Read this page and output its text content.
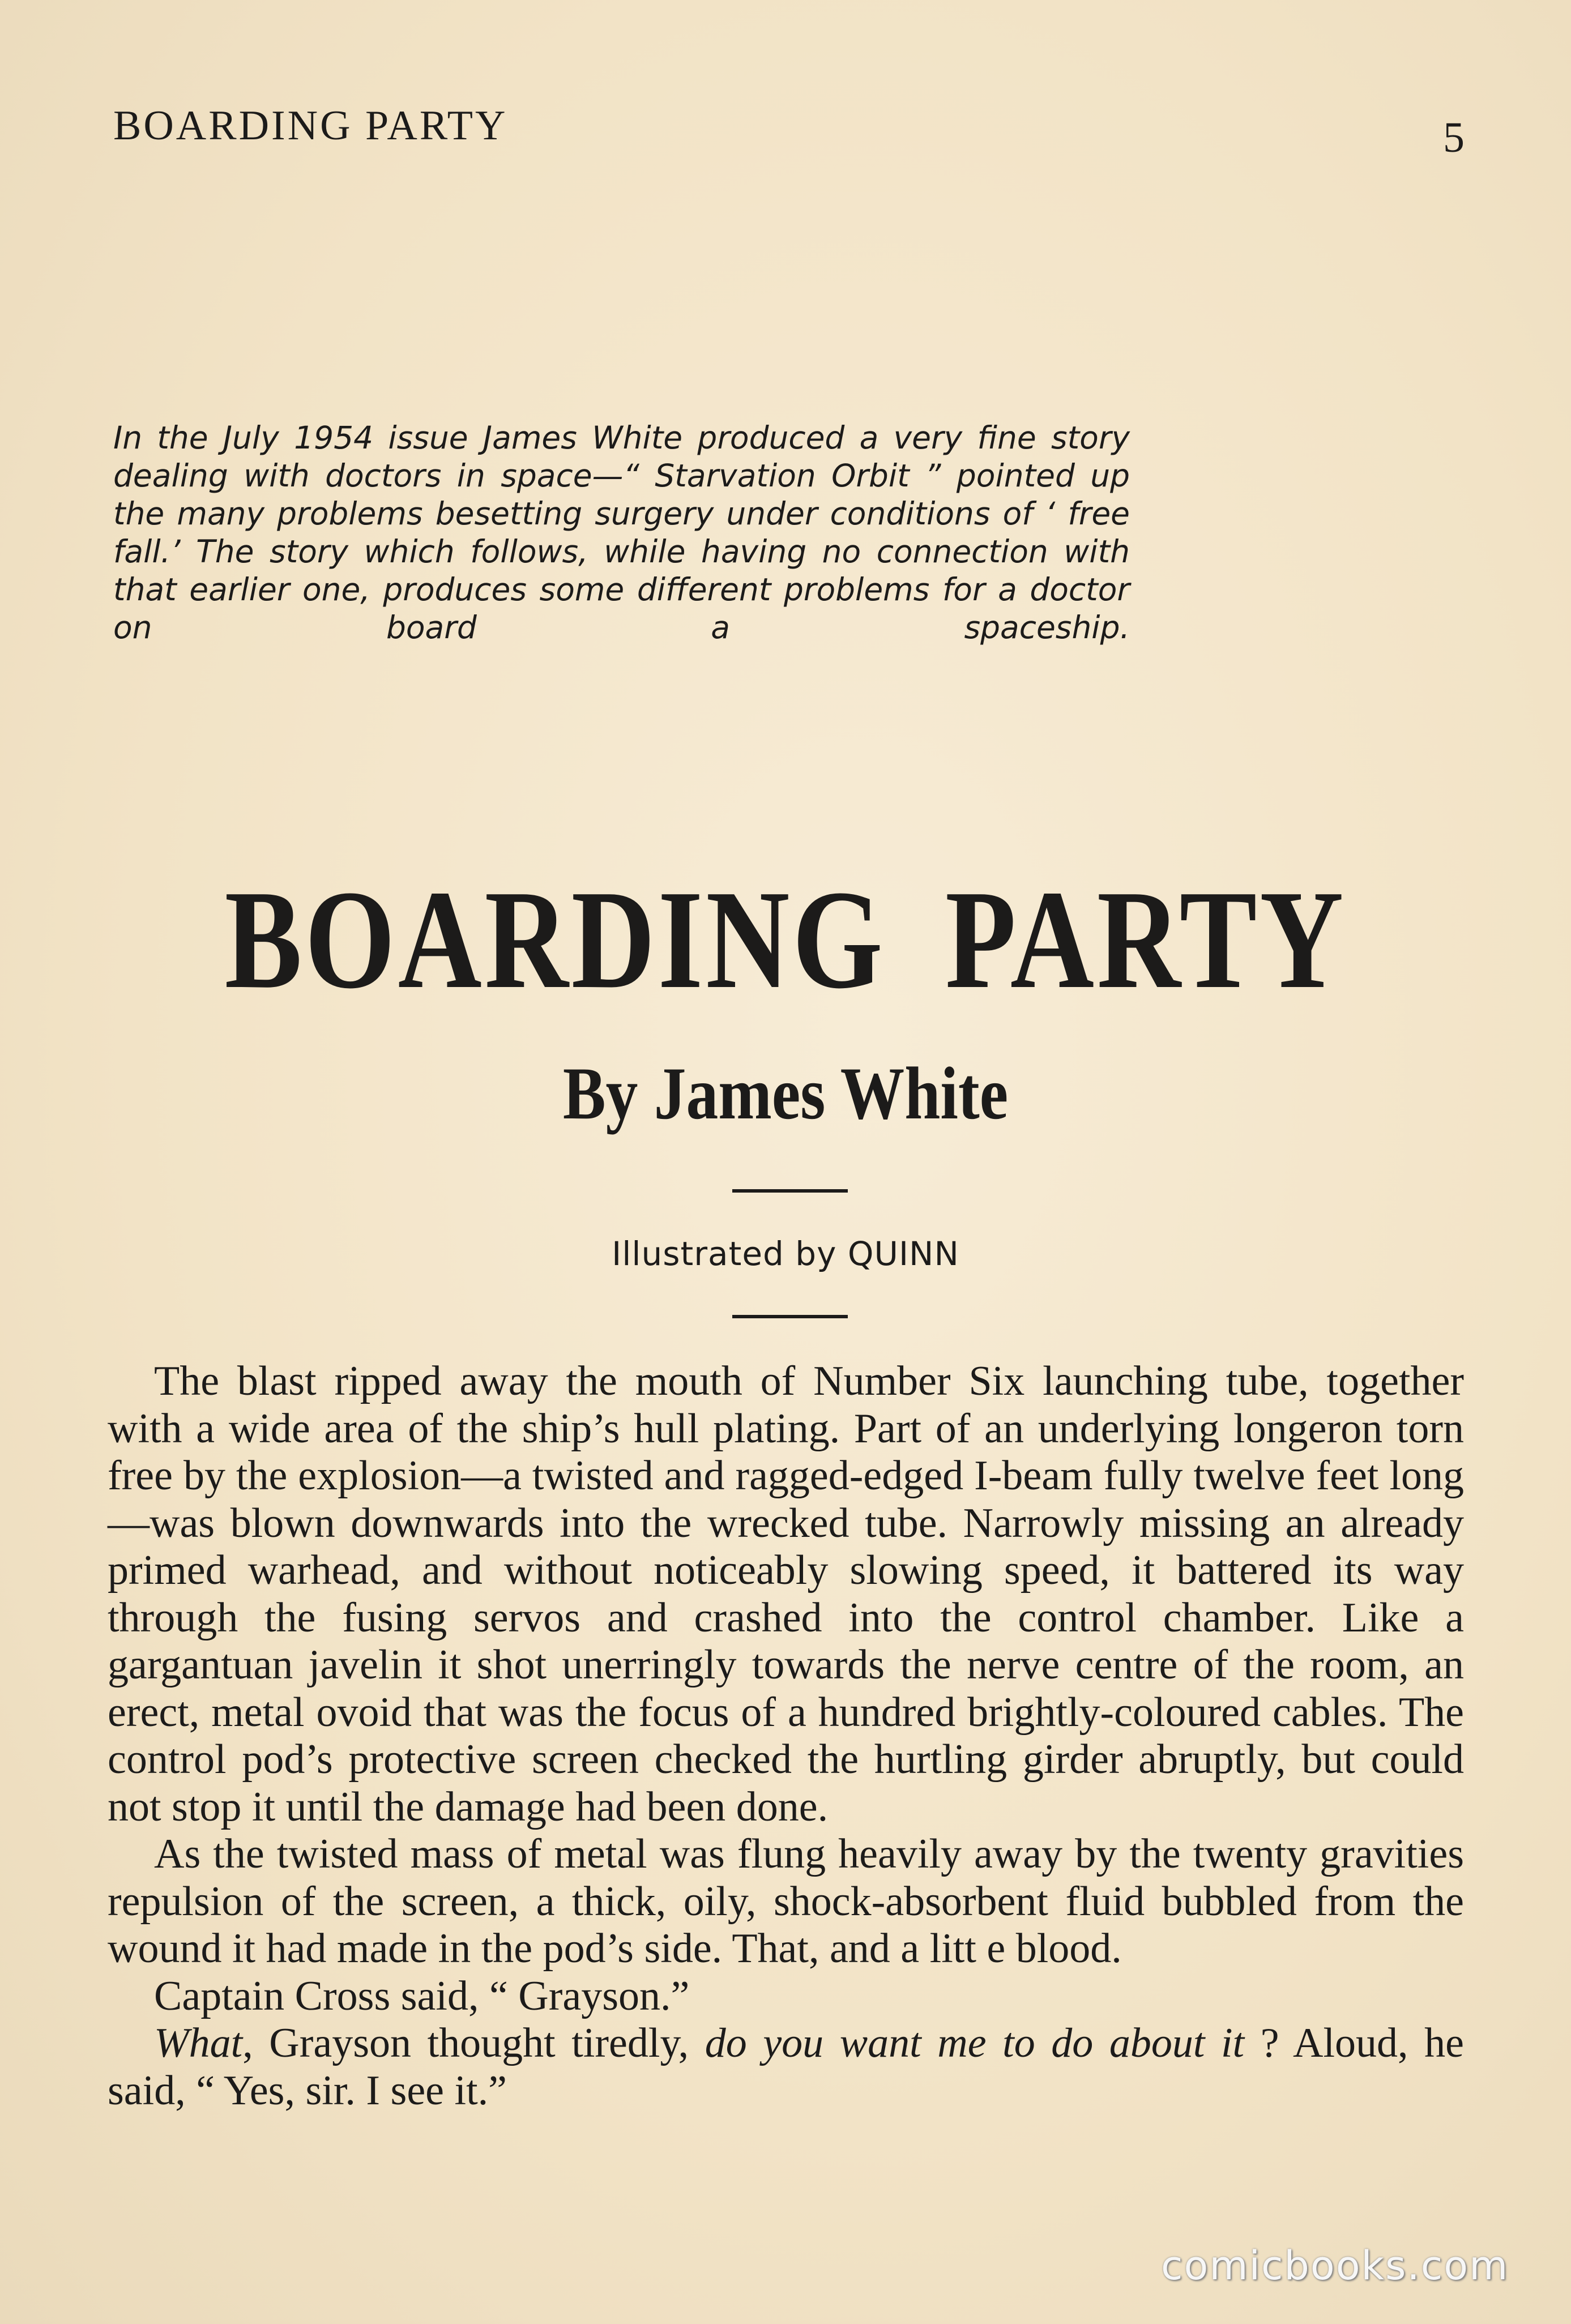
BOARDING PARTY	5

In the July 1954 issue James White produced a very fine story dealing with doctors in space—“ Starvation Orbit ” pointed up the many problems besetting surgery under conditions of ‘ free fall.’ The story which follows, while having no connection with that earlier one, produces some different problems for a doctor on board a spaceship.

BOARDING PARTY
By James White
Illustrated by QUINN

The blast ripped away the mouth of Number Six launching tube, together with a wide area of the ship’s hull plating. Part of an underlying longeron torn free by the explosion—a twisted and ragged-edged I-beam fully twelve feet long—was blown downwards into the wrecked tube. Narrowly missing an already primed warhead, and without noticeably slowing speed, it battered its way through the fusing servos and crashed into the control chamber. Like a gargantuan javelin it shot unerringly towards the nerve centre of the room, an erect, metal ovoid that was the focus of a hundred brightly-coloured cables. The control pod’s protective screen checked the hurtling girder abruptly, but could not stop it until the damage had been done.

As the twisted mass of metal was flung heavily away by the twenty gravities repulsion of the screen, a thick, oily, shock-absorbent fluid bubbled from the wound it had made in the pod’s side. That, and a litt e blood.

Captain Cross said, “ Grayson.”

What, Grayson thought tiredly, do you want me to do about it ? Aloud, he said, “ Yes, sir. I see it.”

comicbooks.com
